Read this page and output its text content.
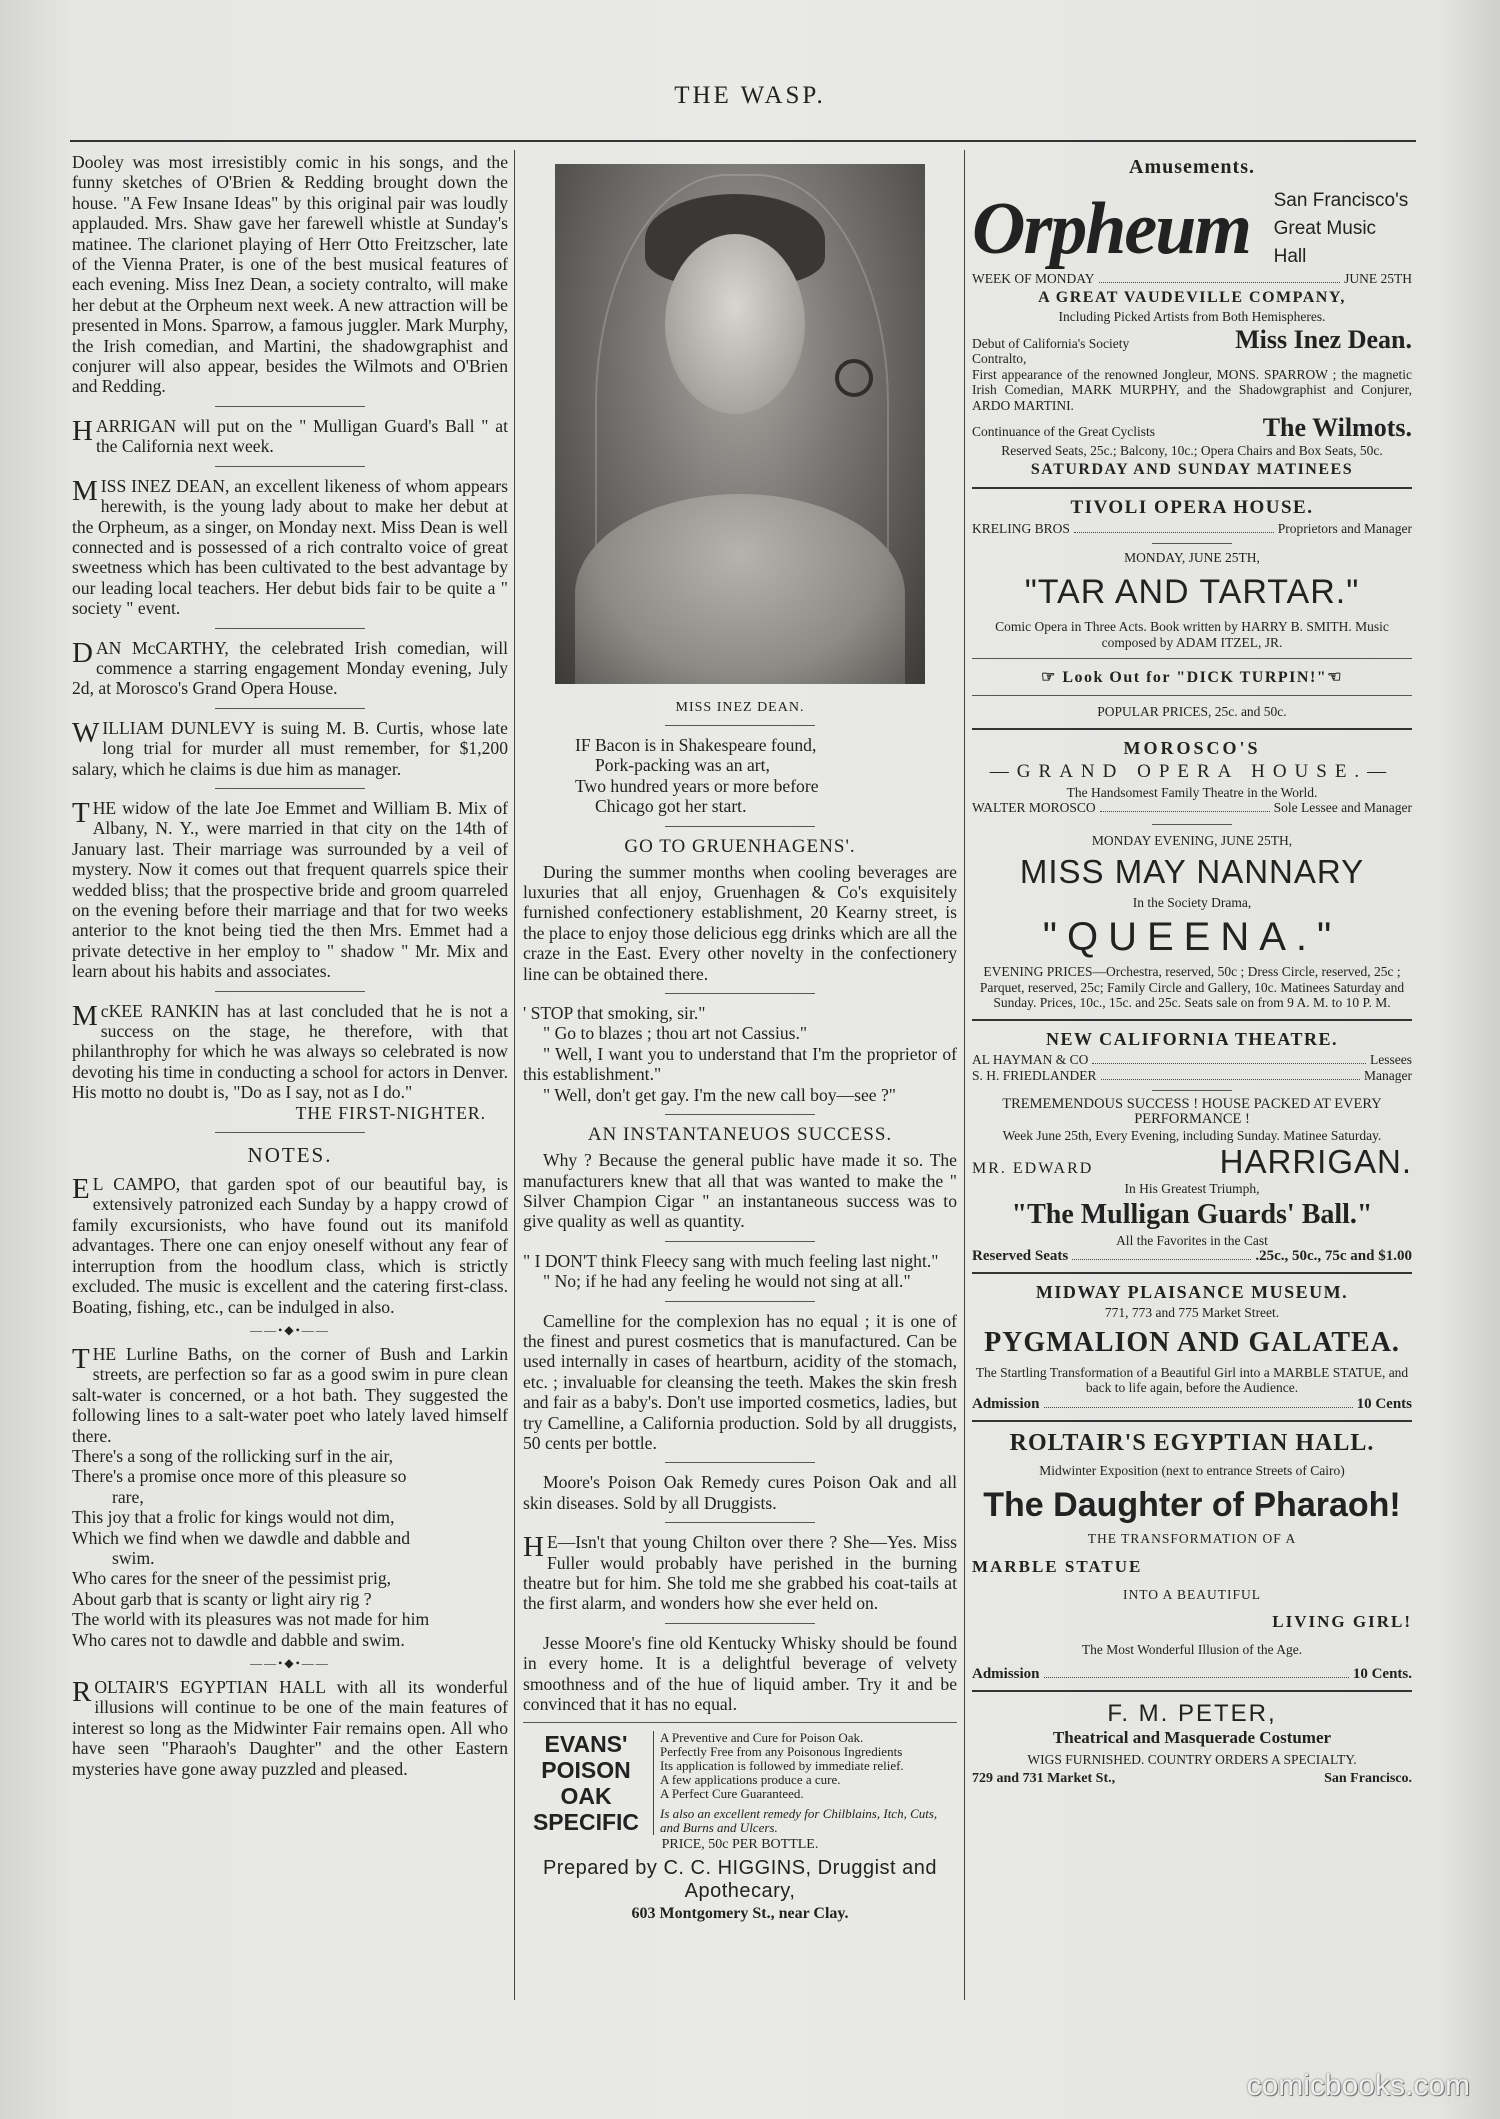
THE WASP.

Dooley was most irresistibly comic in his songs, and the funny sketches of O'Brien & Redding brought down the house. "A Few Insane Ideas" by this original pair was loudly applauded. Mrs. Shaw gave her farewell whistle at Sunday's matinee. The clarionet playing of Herr Otto Freitzscher, late of the Vienna Prater, is one of the best musical features of each evening. Miss Inez Dean, a society contralto, will make her debut at the Orpheum next week. A new attraction will be presented in Mons. Sparrow, a famous juggler. Mark Murphy, the Irish comedian, and Martini, the shadowgraphist and conjurer will also appear, besides the Wilmots and O'Brien and Redding.

HARRIGAN will put on the " Mulligan Guard's Ball " at the California next week.

MISS INEZ DEAN, an excellent likeness of whom appears herewith, is the young lady about to make her debut at the Orpheum, as a singer, on Monday next. Miss Dean is well connected and is possessed of a rich contralto voice of great sweetness which has been cultivated to the best advantage by our leading local teachers. Her debut bids fair to be quite a " society " event.

DAN McCARTHY, the celebrated Irish comedian, will commence a starring engagement Monday evening, July 2d, at Morosco's Grand Opera House.

WILLIAM DUNLEVY is suing M. B. Curtis, whose late long trial for murder all must remember, for $1,200 salary, which he claims is due him as manager.

THE widow of the late Joe Emmet and William B. Mix of Albany, N. Y., were married in that city on the 14th of January last. Their marriage was surrounded by a veil of mystery. Now it comes out that frequent quarrels spice their wedded bliss; that the prospective bride and groom quarreled on the evening before their marriage and that for two weeks anterior to the knot being tied the then Mrs. Emmet had a private detective in her employ to " shadow " Mr. Mix and learn about his habits and associates.

McKEE RANKIN has at last concluded that he is not a success on the stage, he therefore, with that philanthrophy for which he was always so celebrated is now devoting his time in conducting a school for actors in Denver. His motto no doubt is, "Do as I say, not as I do."

THE FIRST-NIGHTER.

NOTES.

E L CAMPO, that garden spot of our beautiful bay, is extensively patronized each Sunday by a happy crowd of family excursionists, who have found out its manifold advantages. There one can enjoy oneself without any fear of interruption from the hoodlum class, which is strictly excluded. The music is excellent and the catering first-class. Boating, fishing, etc., can be indulged in also.

——•◆•——

THE Lurline Baths, on the corner of Bush and Larkin streets, are perfection so far as a good swim in pure clean salt-water is concerned, or a hot bath. They suggested the following lines to a salt-water poet who lately laved himself there.

There's a song of the rollicking surf in the air,
There's a promise once more of this pleasure so
rare,
This joy that a frolic for kings would not dim,
Which we find when we dawdle and dabble and
swim.
Who cares for the sneer of the pessimist prig,
About garb that is scanty or light airy rig ?
The world with its pleasures was not made for him
Who cares not to dawdle and dabble and swim.
——•◆•——

ROLTAIR'S EGYPTIAN HALL with all its wonderful illusions will continue to be one of the main features of interest so long as the Midwinter Fair remains open. All who have seen "Pharaoh's Daughter" and the other Eastern mysteries have gone away puzzled and pleased.

MISS INEZ DEAN.
IF Bacon is in Shakespeare found,
Pork-packing was an art,
Two hundred years or more before
Chicago got her start.
GO TO GRUENHAGENS'.

During the summer months when cooling beverages are luxuries that all enjoy, Gruenhagen & Co's exquisitely furnished confectionery establishment, 20 Kearny street, is the place to enjoy those delicious egg drinks which are all the craze in the East. Every other novelty in the confectionery line can be obtained there.

' STOP that smoking, sir."

" Go to blazes ; thou art not Cassius."

" Well, I want you to understand that I'm the proprietor of this establishment."

" Well, don't get gay. I'm the new call boy—see ?"

AN INSTANTANEUOS SUCCESS.

Why ? Because the general public have made it so. The manufacturers knew that all that was wanted to make the " Silver Champion Cigar " an instantaneous success was to give quality as well as quantity.

" I DON'T think Fleecy sang with much feeling last night."

" No; if he had any feeling he would not sing at all."

Camelline for the complexion has no equal ; it is one of the finest and purest cosmetics that is manufactured. Can be used internally in cases of heartburn, acidity of the stomach, etc. ; invaluable for cleansing the teeth. Makes the skin fresh and fair as a baby's. Don't use imported cosmetics, ladies, but try Camelline, a California production. Sold by all druggists, 50 cents per bottle.

Moore's Poison Oak Remedy cures Poison Oak and all skin diseases. Sold by all Druggists.

H E—Isn't that young Chilton over there ? She—Yes. Miss Fuller would probably have perished in the burning theatre but for him. She told me she grabbed his coat-tails at the first alarm, and wonders how she ever held on.

Jesse Moore's fine old Kentucky Whisky should be found in every home. It is a delightful beverage of velvety smoothness and of the hue of liquid amber. Try it and be convinced that it has no equal.

EVANS'
POISON
OAK
SPECIFIC
A Preventive and Cure for Poison Oak.
Perfectly Free from any Poisonous Ingredients
Its application is followed by immediate relief.
A few applications produce a cure.
A Perfect Cure Guaranteed.
Is also an excellent remedy for Chilblains, Itch, Cuts, and Burns and Ulcers.
PRICE, 50c PER BOTTLE.
Prepared by C. C. HIGGINS, Druggist and Apothecary,
603 Montgomery St., near Clay.
Amusements.
Orpheum	San Francisco's
Great Music Hall
WEEK OF MONDAY	JUNE 25TH
A GREAT VAUDEVILLE COMPANY,

Including Picked Artists from Both Hemispheres.

Debut of California's Society Contralto,
Miss Inez Dean.

First appearance of the renowned Jongleur, MONS. SPARROW ; the magnetic Irish Comedian, MARK MURPHY, and the Shadowgraphist and Conjurer, ARDO MARTINI.

Continuance of the Great Cyclists	The Wilmots.

Reserved Seats, 25c.; Balcony, 10c.; Opera Chairs and Box Seats, 50c.

SATURDAY AND SUNDAY MATINEES
TIVOLI OPERA HOUSE.
KRELING BROS	Proprietors and Manager

MONDAY, JUNE 25TH,

"TAR AND TARTAR."

Comic Opera in Three Acts. Book written by HARRY B. SMITH. Music composed by ADAM ITZEL, JR.

☞ Look Out for "DICK TURPIN!"☜

POPULAR PRICES, 25c. and 50c.

MOROSCO'S
—GRAND OPERA HOUSE.—

The Handsomest Family Theatre in the World.

WALTER MOROSCO	Sole Lessee and Manager

MONDAY EVENING, JUNE 25TH,

MISS MAY NANNARY

In the Society Drama,

"QUEENA."

EVENING PRICES—Orchestra, reserved, 50c ; Dress Circle, reserved, 25c ; Parquet, reserved, 25c; Family Circle and Gallery, 10c. Matinees Saturday and Sunday. Prices, 10c., 15c. and 25c. Seats sale on from 9 A. M. to 10 P. M.

NEW CALIFORNIA THEATRE.
AL HAYMAN & CO	Lessees
S. H. FRIEDLANDER	Manager

TREMEMENDOUS SUCCESS ! HOUSE PACKED AT EVERY PERFORMANCE !

Week June 25th, Every Evening, including Sunday. Matinee Saturday.

MR. EDWARD	HARRIGAN.

In His Greatest Triumph,

"The Mulligan Guards' Ball."

All the Favorites in the Cast

Reserved Seats	.25c., 50c., 75c and $1.00
MIDWAY PLAISANCE MUSEUM.

771, 773 and 775 Market Street.

PYGMALION AND GALATEA.

The Startling Transformation of a Beautiful Girl into a MARBLE STATUE, and back to life again, before the Audience.

Admission	10 Cents
ROLTAIR'S EGYPTIAN HALL.

Midwinter Exposition (next to entrance Streets of Cairo)

The Daughter of Pharaoh!

THE TRANSFORMATION OF A

MARBLE STATUE

INTO A BEAUTIFUL

LIVING GIRL!

The Most Wonderful Illusion of the Age.

Admission	10 Cents.
F. M. PETER,
Theatrical and Masquerade Costumer

WIGS FURNISHED. COUNTRY ORDERS A SPECIALTY.

729 and 731 Market St.,	San Francisco.
comicbooks.com
